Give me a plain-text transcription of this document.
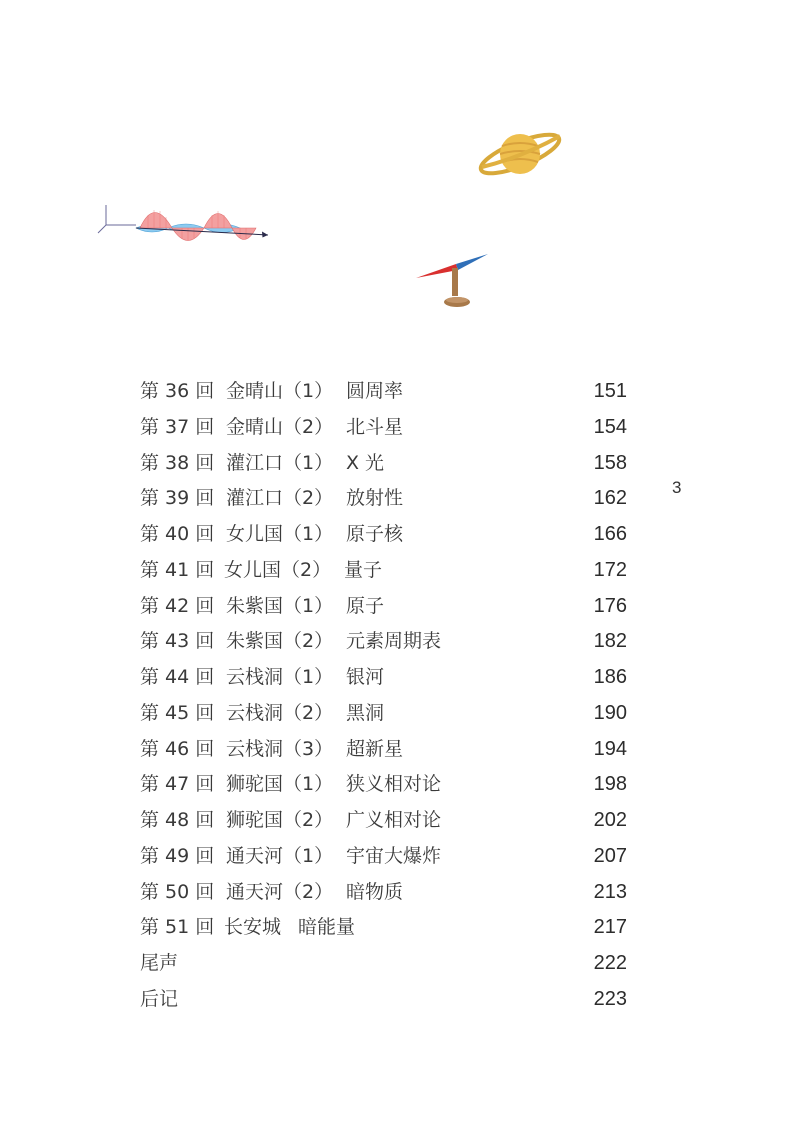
第 36 回 金晴山（1） 圆周率	151
第 37 回 金晴山（2） 北斗星	154
第 38 回 灌江口（1） X 光	158
第 39 回 灌江口（2） 放射性	162
第 40 回 女儿国（1） 原子核	166
第 41 回 女儿国（2） 量子	172
第 42 回 朱紫国（1） 原子	176
第 43 回 朱紫国（2） 元素周期表	182
第 44 回 云栈洞（1） 银河	186
第 45 回 云栈洞（2） 黑洞	190
第 46 回 云栈洞（3） 超新星	194
第 47 回 狮驼国（1） 狭义相对论	198
第 48 回 狮驼国（2） 广义相对论	202
第 49 回 通天河（1） 宇宙大爆炸	207
第 50 回 通天河（2） 暗物质	213
第 51 回 长安城 暗能量	217
尾声	222
后记	223
3
